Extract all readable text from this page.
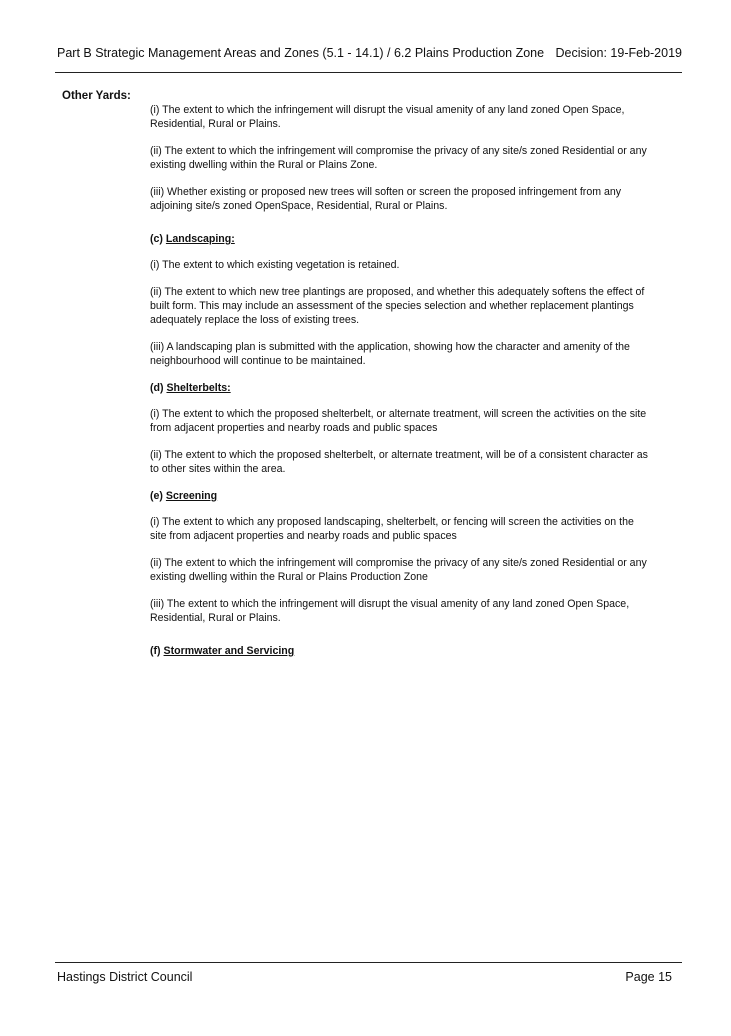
Part B Strategic Management Areas and Zones (5.1 - 14.1) / 6.2 Plains Production Zone Decision: 19-Feb-2019
Other Yards:

(i) The extent to which the infringement will disrupt the visual amenity of any land zoned Open Space, Residential, Rural or Plains.

(ii) The extent to which the infringement will compromise the privacy of any site/s zoned Residential or any existing dwelling within the Rural or Plains Zone.

(iii) Whether existing or proposed new trees will soften or screen the proposed infringement from any adjoining site/s zoned OpenSpace, Residential, Rural or Plains.

(c) Landscaping:

(i) The extent to which existing vegetation is retained.

(ii) The extent to which new tree plantings are proposed, and whether this adequately softens the effect of built form. This may include an assessment of the species selection and whether replacement plantings adequately replace the loss of existing trees.

(iii) A landscaping plan is submitted with the application, showing how the character and amenity of the neighbourhood will continue to be maintained.

(d) Shelterbelts:

(i) The extent to which the proposed shelterbelt, or alternate treatment, will screen the activities on the site from adjacent properties and nearby roads and public spaces

(ii) The extent to which the proposed shelterbelt, or alternate treatment, will be of a consistent character as to other sites within the area.

(e) Screening

(i) The extent to which any proposed landscaping, shelterbelt, or fencing will screen the activities on the site from adjacent properties and nearby roads and public spaces

(ii) The extent to which the infringement will compromise the privacy of any site/s zoned Residential or any existing dwelling within the Rural or Plains Production Zone

(iii) The extent to which the infringement will disrupt the visual amenity of any land zoned Open Space, Residential, Rural or Plains.

(f) Stormwater and Servicing
Hastings District Council	Page 15
